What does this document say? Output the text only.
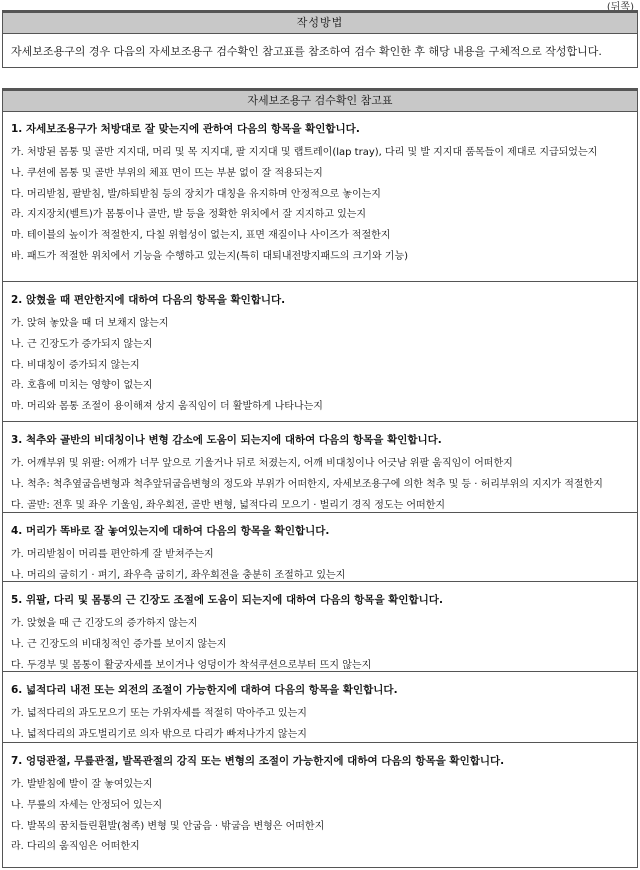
(뒤쪽)
작성방법
자세보조용구의 경우 다음의 자세보조용구 검수확인 참고표를 참조하여 검수 확인한 후 해당 내용을 구체적으로 작성합니다.
자세보조용구 검수확인 참고표
1. 자세보조용구가 처방대로 잘 맞는지에 관하여 다음의 항목을 확인합니다.
가. 처방된 몸통 및 골반 지지대, 머리 및 목 지지대, 팔 지지대 및 랩트레이(lap tray), 다리 및 발 지지대 품목들이 제대로 지급되었는지
나. 쿠션에 몸통 및 골반 부위의 체표 면이 뜨는 부분 없이 잘 적용되는지
다. 머리받침, 팔받침, 발/하퇴받침 등의 장치가 대칭을 유지하며 안정적으로 놓이는지
라. 지지장치(벨트)가 몸통이나 골반, 발 등을 정확한 위치에서 잘 지지하고 있는지
마. 테이블의 높이가 적절한지, 다칠 위험성이 없는지, 표면 재질이나 사이즈가 적절한지
바. 패드가 적절한 위치에서 기능을 수행하고 있는지(특히 대퇴내전방지패드의 크기와 기능)
2. 앉혔을 때 편안한지에 대하여 다음의 항목을 확인합니다.
가. 앉혀 놓았을 때 더 보채지 않는지
나. 근 긴장도가 증가되지 않는지
다. 비대칭이 증가되지 않는지
라. 호흡에 미치는 영향이 없는지
마. 머리와 몸통 조절이 용이해져 상지 움직임이 더 활발하게 나타나는지
3. 척추와 골반의 비대칭이나 변형 감소에 도움이 되는지에 대하여 다음의 항목을 확인합니다.
가. 어깨부위 및 위팔: 어깨가 너무 앞으로 기울거나 뒤로 처졌는지, 어깨 비대칭이나 어긋남 위팔 움직임이 어떠한지
나. 척추: 척추옆굽음변형과 척추앞뒤굽음변형의 정도와 부위가 어떠한지, 자세보조용구에 의한 척추 및 등 · 허리부위의 지지가 적절한지
다. 골반: 전후 및 좌우 기울임, 좌우회전, 골반 변형, 넓적다리 모으기 · 벌리기 경직 정도는 어떠한지
4. 머리가 똑바로 잘 놓여있는지에 대하여 다음의 항목을 확인합니다.
가. 머리받침이 머리를 편안하게 잘 받쳐주는지
나. 머리의 굽히기 · 펴기, 좌우측 굽히기, 좌우회전을 충분히 조절하고 있는지
5. 위팔, 다리 및 몸통의 근 긴장도 조절에 도움이 되는지에 대하여 다음의 항목을 확인합니다.
가. 앉혔을 때 근 긴장도의 증가하지 않는지
나. 근 긴장도의 비대칭적인 증가를 보이지 않는지
다. 두경부 및 몸통이 활궁자세를 보이거나 엉덩이가 착석쿠션으로부터 뜨지 않는지
6. 넓적다리 내전 또는 외전의 조절이 가능한지에 대하여 다음의 항목을 확인합니다.
가. 넓적다리의 과도모으기 또는 가위자세를 적절히 막아주고 있는지
나. 넓적다리의 과도벌리기로 의자 밖으로 다리가 빠져나가지 않는지
7. 엉덩관절, 무릎관절, 발목관절의 강직 또는 변형의 조절이 가능한지에 대하여 다음의 항목을 확인합니다.
가. 발받침에 발이 잘 놓여있는지
나. 무릎의 자세는 안정되어 있는지
다. 발목의 꿈치들린휜발(첨족) 변형 및 안굽음 · 밖굽음 변형은 어떠한지
라. 다리의 움직임은 어떠한지
